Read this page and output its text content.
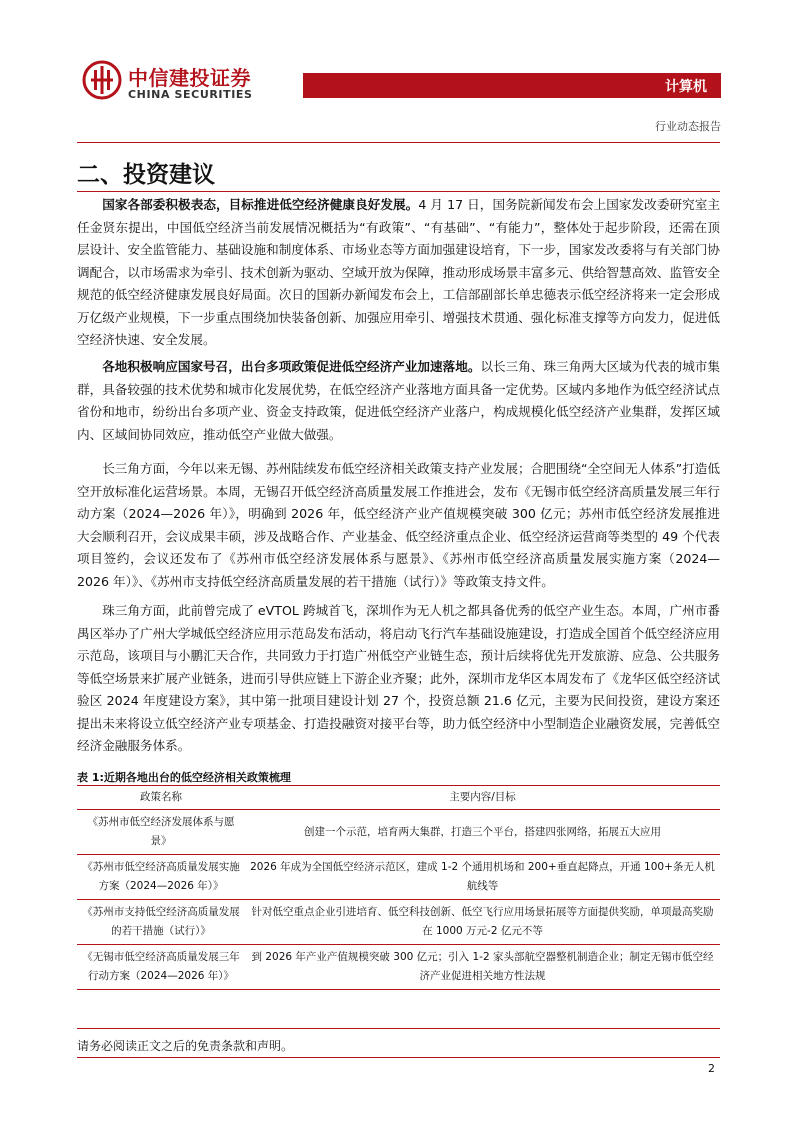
中信建投证券
CHINA SECURITIES	计算机
行业动态报告
二、投资建议

国家各部委积极表态，目标推进低空经济健康良好发展。4 月 17 日，国务院新闻发布会上国家发改委研究室主任金贤东提出，中国低空经济当前发展情况概括为“有政策”、“有基础”、“有能力”，整体处于起步阶段，还需在顶层设计、安全监管能力、基础设施和制度体系、市场业态等方面加强建设培育，下一步，国家发改委将与有关部门协调配合，以市场需求为牵引、技术创新为驱动、空域开放为保障，推动形成场景丰富多元、供给智慧高效、监管安全规范的低空经济健康发展良好局面。次日的国新办新闻发布会上，工信部副部长单忠德表示低空经济将来一定会形成万亿级产业规模，下一步重点围绕加快装备创新、加强应用牵引、增强技术贯通、强化标准支撑等方向发力，促进低空经济快速、安全发展。

各地积极响应国家号召，出台多项政策促进低空经济产业加速落地。以长三角、珠三角两大区域为代表的城市集群，具备较强的技术优势和城市化发展优势，在低空经济产业落地方面具备一定优势。区域内多地作为低空经济试点省份和地市，纷纷出台多项产业、资金支持政策，促进低空经济产业落户，构成规模化低空经济产业集群，发挥区域内、区域间协同效应，推动低空产业做大做强。

长三角方面，今年以来无锡、苏州陆续发布低空经济相关政策支持产业发展；合肥围绕“全空间无人体系”打造低空开放标准化运营场景。本周，无锡召开低空经济高质量发展工作推进会，发布《无锡市低空经济高质量发展三年行动方案（2024—2026 年）》，明确到 2026 年，低空经济产业产值规模突破 300 亿元；苏州市低空经济发展推进大会顺利召开，会议成果丰硕，涉及战略合作、产业基金、低空经济重点企业、低空经济运营商等类型的 49 个代表项目签约，会议还发布了《苏州市低空经济发展体系与愿景》、《苏州市低空经济高质量发展实施方案（2024—2026 年）》、《苏州市支持低空经济高质量发展的若干措施（试行）》等政策支持文件。

珠三角方面，此前曾完成了 eVTOL 跨城首飞，深圳作为无人机之都具备优秀的低空产业生态。本周，广州市番禺区举办了广州大学城低空经济应用示范岛发布活动，将启动飞行汽车基础设施建设，打造成全国首个低空经济应用示范岛，该项目与小鹏汇天合作，共同致力于打造广州低空产业链生态，预计后续将优先开发旅游、应急、公共服务等低空场景来扩展产业链条，进而引导供应链上下游企业齐聚；此外，深圳市龙华区本周发布了《龙华区低空经济试验区 2024 年度建设方案》，其中第一批项目建设计划 27 个，投资总额 21.6 亿元，主要为民间投资，建设方案还提出未来将设立低空经济产业专项基金、打造投融资对接平台等，助力低空经济中小型制造企业融资发展，完善低空经济金融服务体系。

表 1:近期各地出台的低空经济相关政策梳理
政策名称	主要内容/目标
《苏州市低空经济发展体系与愿景》	创建一个示范，培育两大集群，打造三个平台，搭建四张网络，拓展五大应用
《苏州市低空经济高质量发展实施方案（2024—2026 年）》	2026 年成为全国低空经济示范区，建成 1-2 个通用机场和 200+垂直起降点，开通 100+条无人机航线等
《苏州市支持低空经济高质量发展的若干措施（试行）》	针对低空重点企业引进培育、低空科技创新、低空飞行应用场景拓展等方面提供奖励，单项最高奖励在 1000 万元-2 亿元不等
《无锡市低空经济高质量发展三年行动方案（2024—2026 年）》	到 2026 年产业产值规模突破 300 亿元；引入 1-2 家头部航空器整机制造企业；制定无锡市低空经济产业促进相关地方性法规
请务必阅读正文之后的免责条款和声明。
2
